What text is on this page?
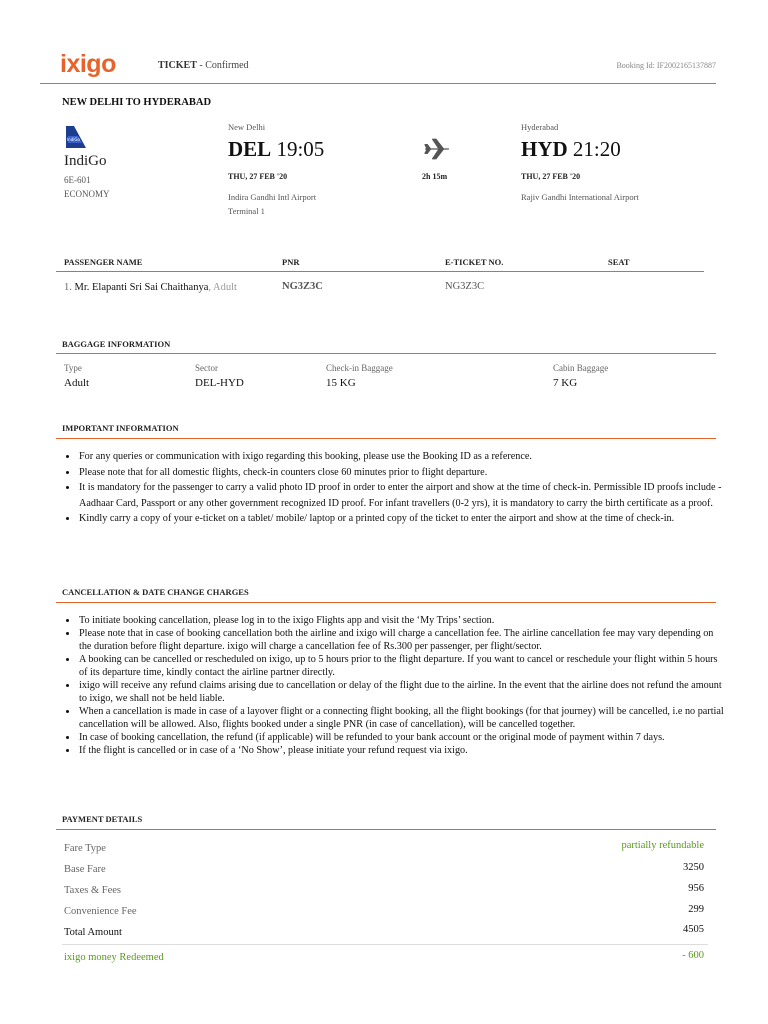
ixigo	TICKET - Confirmed	Booking Id: IF2002165137887
NEW DELHI TO HYDERABAD
IndiGo
IndiGo
6E-601
ECONOMY
New Delhi
DEL 19:05
THU, 27 FEB '20
Indira Gandhi Intl Airport
Terminal 1
2h 15m
Hyderabad
HYD 21:20
THU, 27 FEB '20
Rajiv Gandhi International Airport
PASSENGER NAME	PNR	E-TICKET NO.	SEAT
1. Mr. Elapanti Sri Sai Chaithanya, Adult	NG3Z3C	NG3Z3C
BAGGAGE INFORMATION
Type	Sector	Check-in Baggage	Cabin Baggage
Adult	DEL-HYD	15 KG	7 KG
IMPORTANT INFORMATION
• For any queries or communication with ixigo regarding this booking, please use the Booking ID as a reference.
• Please note that for all domestic flights, check-in counters close 60 minutes prior to flight departure.
• It is mandatory for the passenger to carry a valid photo ID proof in order to enter the airport and show at the time of check-in. Permissible ID proofs include - Aadhaar Card, Passport or any other government recognized ID proof. For infant travellers (0-2 yrs), it is mandatory to carry the birth certificate as a proof.
• Kindly carry a copy of your e-ticket on a tablet/ mobile/ laptop or a printed copy of the ticket to enter the airport and show at the time of check-in.
CANCELLATION & DATE CHANGE CHARGES
• To initiate booking cancellation, please log in to the ixigo Flights app and visit the ‘My Trips’ section.
• Please note that in case of booking cancellation both the airline and ixigo will charge a cancellation fee. The airline cancellation fee may vary depending on the duration before flight departure. ixigo will charge a cancellation fee of Rs.300 per passenger, per flight/sector.
• A booking can be cancelled or rescheduled on ixigo, up to 5 hours prior to the flight departure. If you want to cancel or reschedule your flight within 5 hours of its departure time, kindly contact the airline partner directly.
• ixigo will receive any refund claims arising due to cancellation or delay of the flight due to the airline. In the event that the airline does not refund the amount to ixigo, we shall not be held liable.
• When a cancellation is made in case of a layover flight or a connecting flight booking, all the flight bookings (for that journey) will be cancelled, i.e no partial cancellation will be allowed. Also, flights booked under a single PNR (in case of cancellation), will be cancelled together.
• In case of booking cancellation, the refund (if applicable) will be refunded to your bank account or the original mode of payment within 7 days.
• If the flight is cancelled or in case of a ‘No Show’, please initiate your refund request via ixigo.
PAYMENT DETAILS
Fare Type	partially refundable
Base Fare	3250
Taxes & Fees	956
Convenience Fee	299
Total Amount	4505
ixigo money Redeemed	- 600
